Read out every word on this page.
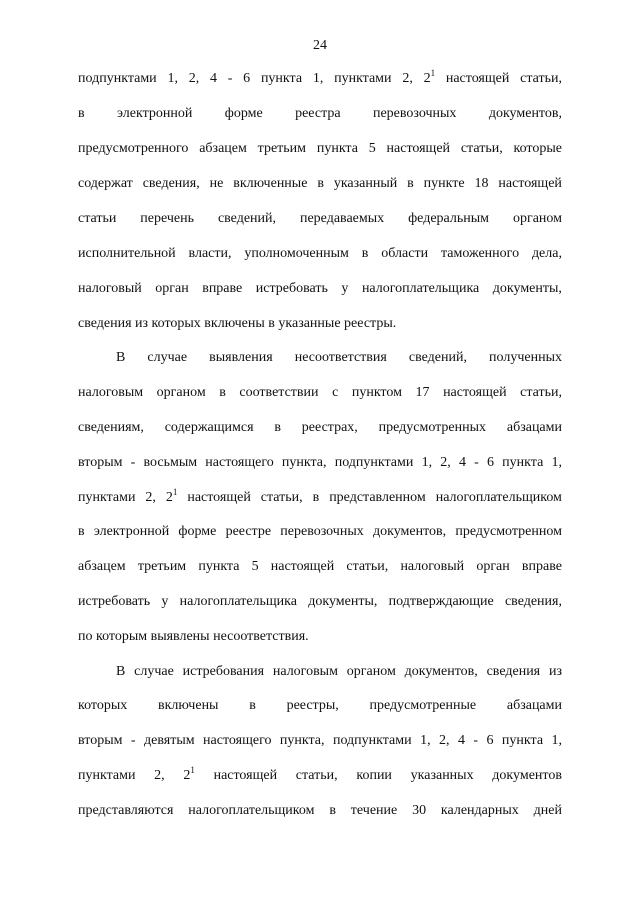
24
подпунктами 1, 2, 4 - 6 пункта 1, пунктами 2, 2$^1$ настоящей статьи,
в электронной форме реестра перевозочных документов,
предусмотренного абзацем третьим пункта 5 настоящей статьи, которые
содержат сведения, не включенные в указанный в пункте 18 настоящей
статьи перечень сведений, передаваемых федеральным органом
исполнительной власти, уполномоченным в области таможенного дела,
налоговый орган вправе истребовать у налогоплательщика документы,
сведения из которых включены в указанные реестры.
В случае выявления несоответствия сведений, полученных
налоговым органом в соответствии с пунктом 17 настоящей статьи,
сведениям, содержащимся в реестрах, предусмотренных абзацами
вторым - восьмым настоящего пункта, подпунктами 1, 2, 4 - 6 пункта 1,
пунктами 2, 2$^1$ настоящей статьи, в представленном налогоплательщиком
в электронной форме реестре перевозочных документов, предусмотренном
абзацем третьим пункта 5 настоящей статьи, налоговый орган вправе
истребовать у налогоплательщика документы, подтверждающие сведения,
по которым выявлены несоответствия.
В случае истребования налоговым органом документов, сведения из
которых включены в реестры, предусмотренные абзацами
вторым - девятым настоящего пункта, подпунктами 1, 2, 4 - 6 пункта 1,
пунктами 2, 2$^1$ настоящей статьи, копии указанных документов
представляются налогоплательщиком в течение 30 календарных дней
